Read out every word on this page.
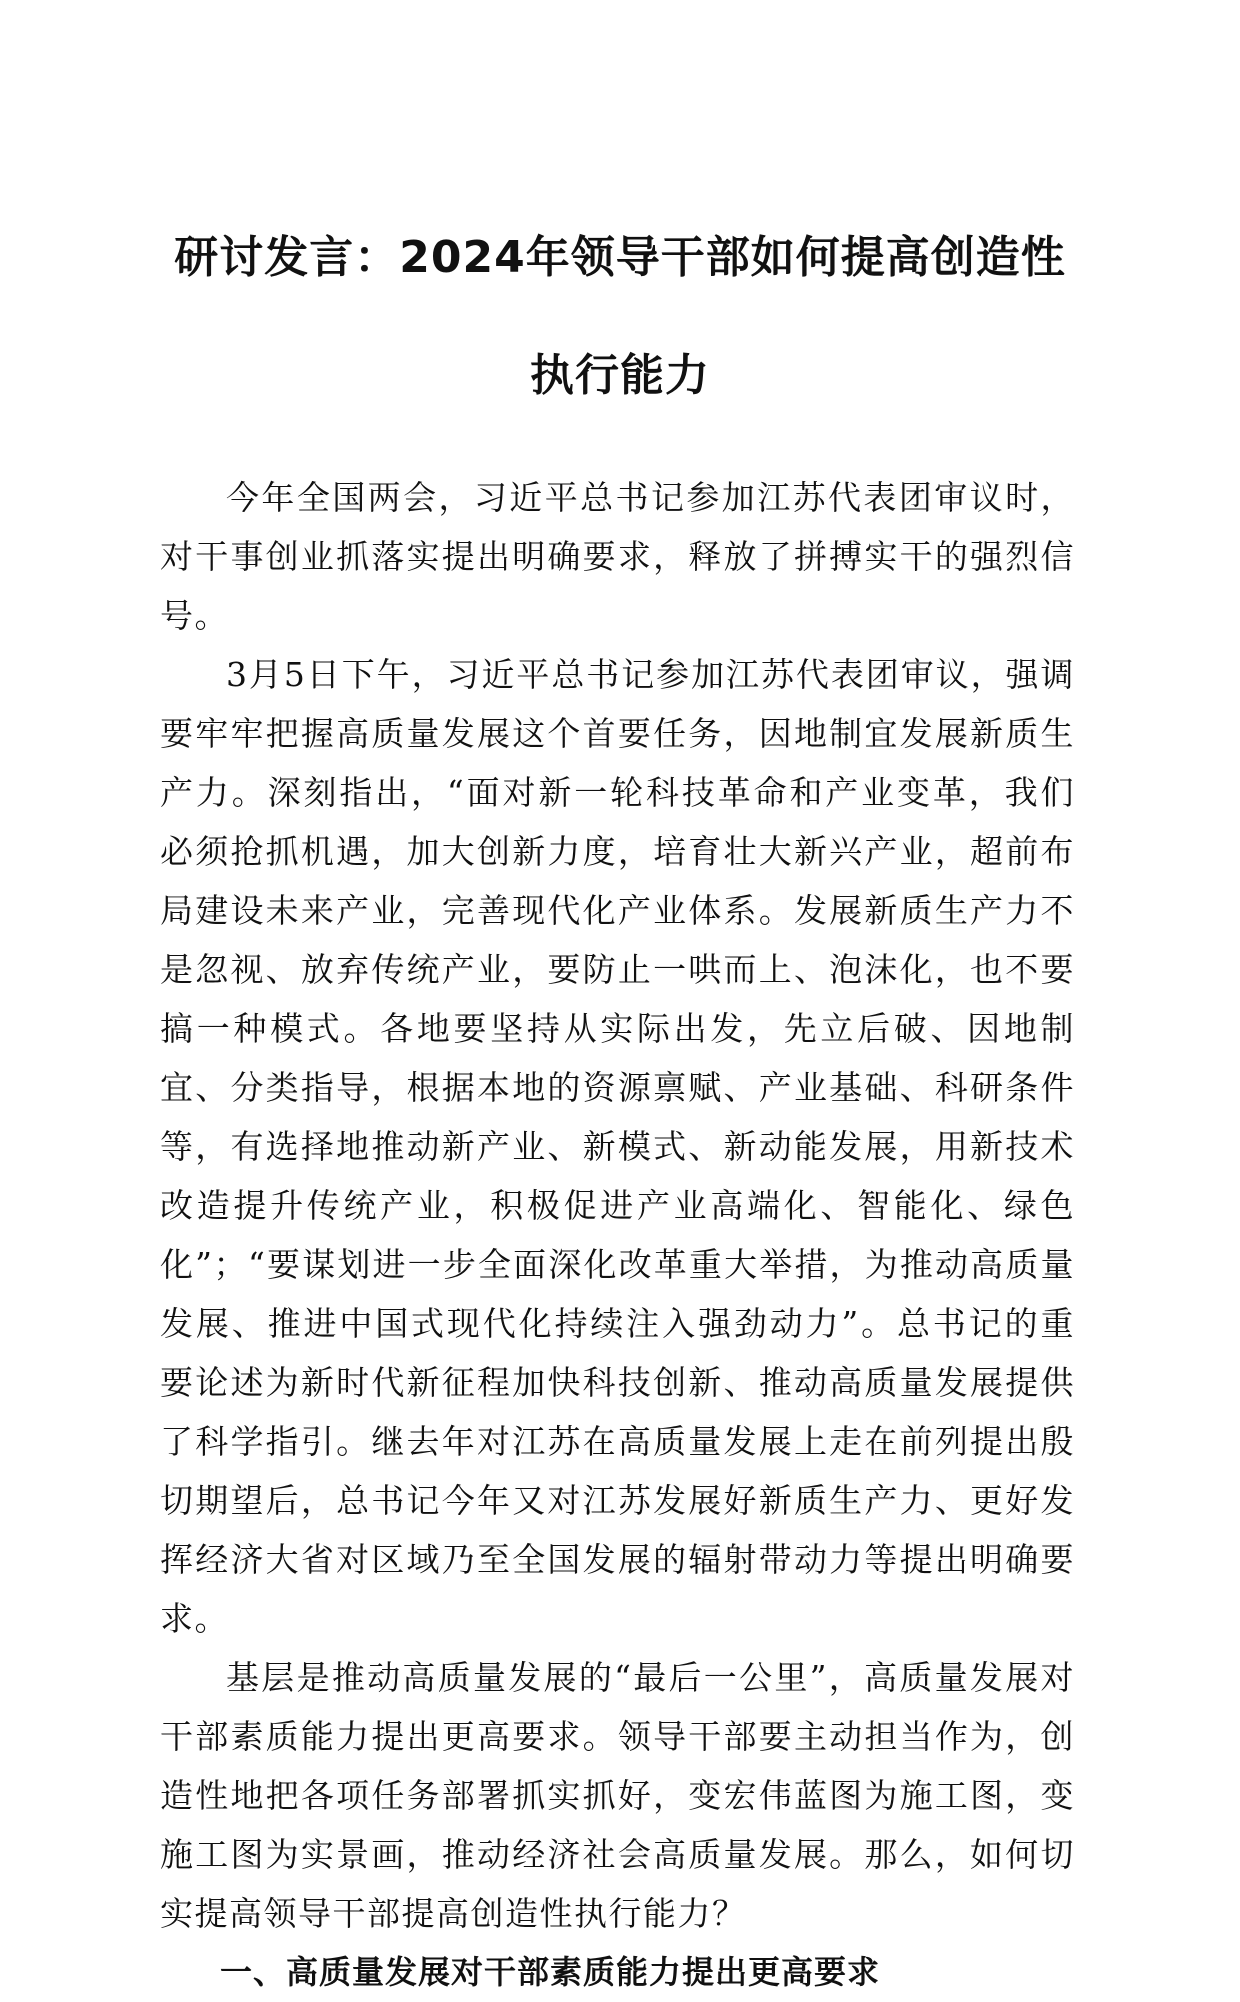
研讨发言：2024年领导干部如何提高创造性
执行能力

今年全国两会，习近平总书记参加江苏代表团审议时，对干事创业抓落实提出明确要求，释放了拼搏实干的强烈信号。

3月5日下午，习近平总书记参加江苏代表团审议，强调要牢牢把握高质量发展这个首要任务，因地制宜发展新质生产力。深刻指出，“面对新一轮科技革命和产业变革，我们必须抢抓机遇，加大创新力度，培育壮大新兴产业，超前布局建设未来产业，完善现代化产业体系。发展新质生产力不是忽视、放弃传统产业，要防止一哄而上、泡沫化，也不要搞一种模式。各地要坚持从实际出发，先立后破、因地制宜、分类指导，根据本地的资源禀赋、产业基础、科研条件等，有选择地推动新产业、新模式、新动能发展，用新技术改造提升传统产业，积极促进产业高端化、智能化、绿色化”；“要谋划进一步全面深化改革重大举措，为推动高质量发展、推进中国式现代化持续注入强劲动力”。总书记的重要论述为新时代新征程加快科技创新、推动高质量发展提供了科学指引。继去年对江苏在高质量发展上走在前列提出殷切期望后，总书记今年又对江苏发展好新质生产力、更好发挥经济大省对区域乃至全国发展的辐射带动力等提出明确要求。

基层是推动高质量发展的“最后一公里”，高质量发展对干部素质能力提出更高要求。领导干部要主动担当作为，创造性地把各项任务部署抓实抓好，变宏伟蓝图为施工图，变施工图为实景画，推动经济社会高质量发展。那么，如何切实提高领导干部提高创造性执行能力？

一、高质量发展对干部素质能力提出更高要求
